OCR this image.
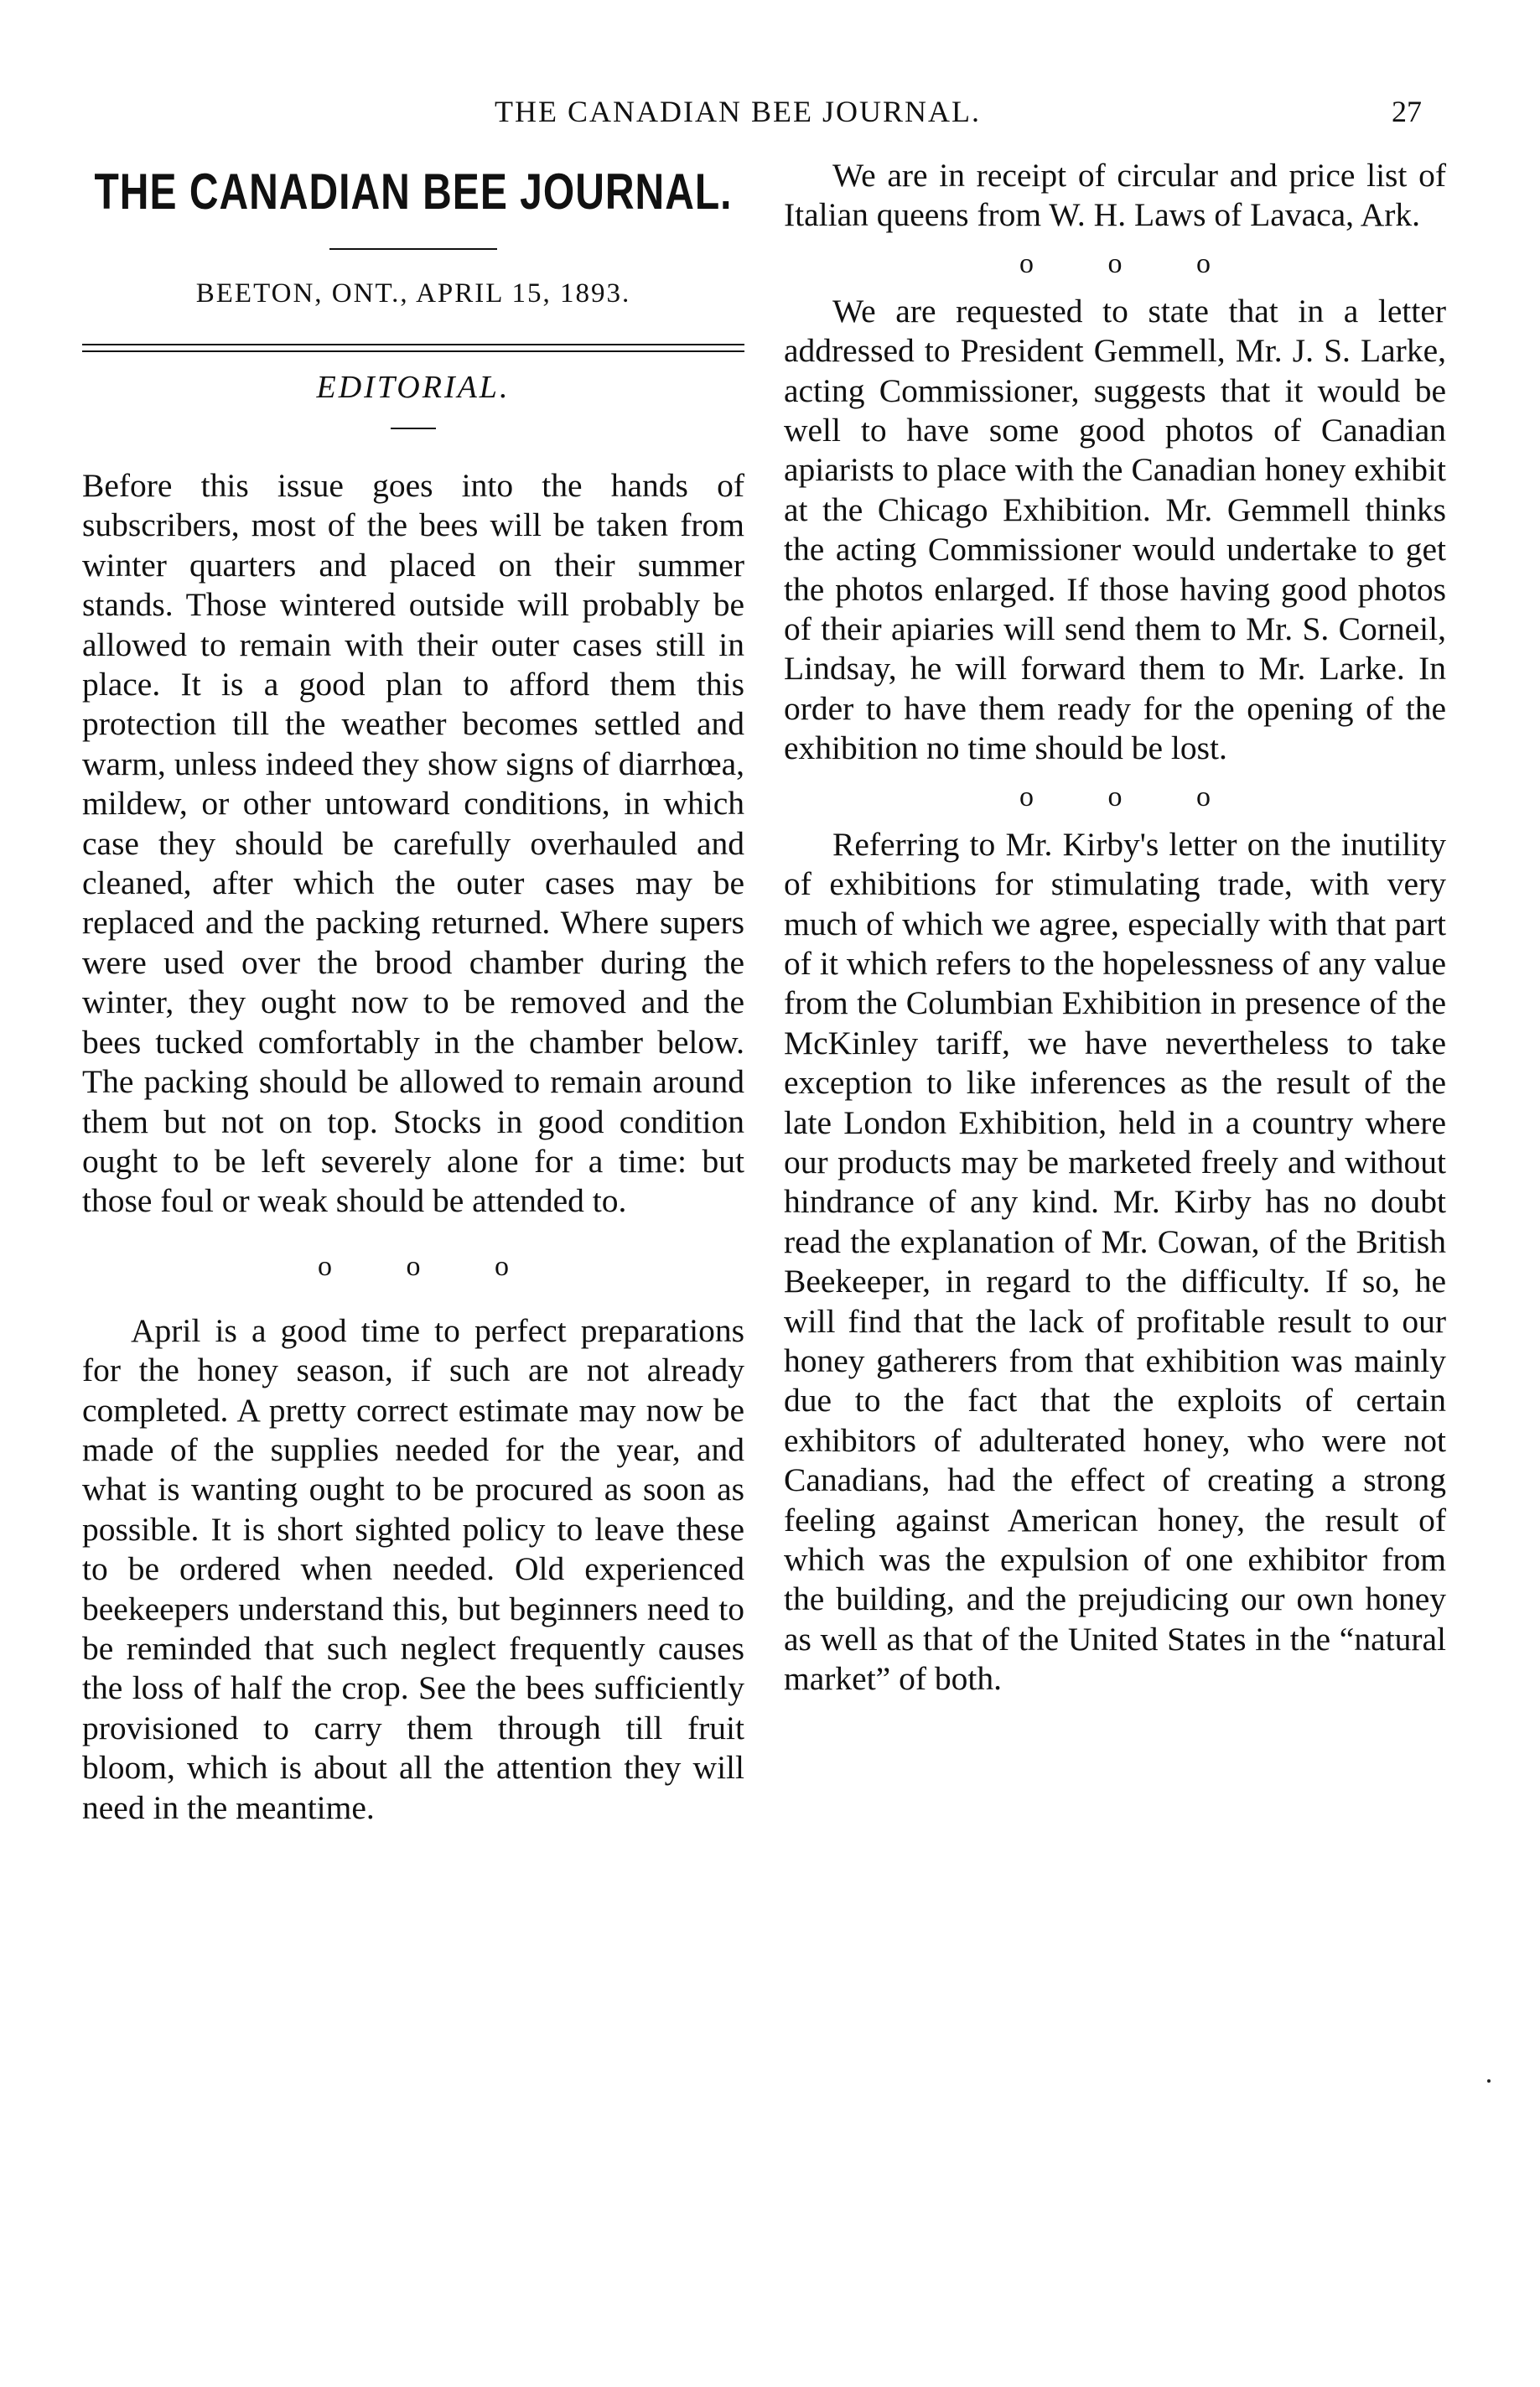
THE CANADIAN BEE JOURNAL.	27
THE CANADIAN BEE JOURNAL.
BEETON, ONT., APRIL 15, 1893.
EDITORIAL.

Before this issue goes into the hands of subscribers, most of the bees will be taken from winter quarters and placed on their summer stands. Those wintered outside will probably be allowed to remain with their outer cases still in place. It is a good plan to afford them this protection till the weather becomes settled and warm, unless indeed they show signs of diarrhœa, mildew, or other untoward conditions, in which case they should be carefully overhauled and cleaned, after which the outer cases may be replaced and the packing returned. Where supers were used over the brood chamber during the winter, they ought now to be removed and the bees tucked comfortably in the chamber below. The packing should be allowed to remain around them but not on top. Stocks in good condition ought to be left severely alone for a time: but those foul or weak should be attended to.

o o o

April is a good time to perfect preparations for the honey season, if such are not already completed. A pretty correct estimate may now be made of the supplies needed for the year, and what is wanting ought to be procured as soon as possible. It is short sighted policy to leave these to be ordered when needed. Old experienced beekeepers understand this, but beginners need to be reminded that such neglect frequently causes the loss of half the crop. See the bees sufficiently provisioned to carry them through till fruit bloom, which is about all the attention they will need in the meantime.

We are in receipt of circular and price list of Italian queens from W. H. Laws of Lavaca, Ark.

o o o

We are requested to state that in a letter addressed to President Gemmell, Mr. J. S. Larke, acting Commissioner, suggests that it would be well to have some good photos of Canadian apiarists to place with the Canadian honey exhibit at the Chicago Exhibition. Mr. Gemmell thinks the acting Commissioner would undertake to get the photos enlarged. If those having good photos of their apiaries will send them to Mr. S. Corneil, Lindsay, he will forward them to Mr. Larke. In order to have them ready for the opening of the exhibition no time should be lost.

o o o

Referring to Mr. Kirby's letter on the inutility of exhibitions for stimulating trade, with very much of which we agree, especially with that part of it which refers to the hopelessness of any value from the Columbian Exhibition in presence of the McKinley tariff, we have nevertheless to take exception to like inferences as the result of the late London Exhibition, held in a country where our products may be marketed freely and without hindrance of any kind. Mr. Kirby has no doubt read the explanation of Mr. Cowan, of the British Beekeeper, in regard to the difficulty. If so, he will find that the lack of profitable result to our honey gatherers from that exhibition was mainly due to the fact that the exploits of certain exhibitors of adulterated honey, who were not Canadians, had the effect of creating a strong feeling against American honey, the result of which was the expulsion of one exhibitor from the building, and the prejudicing our own honey as well as that of the United States in the “natural market” of both.
